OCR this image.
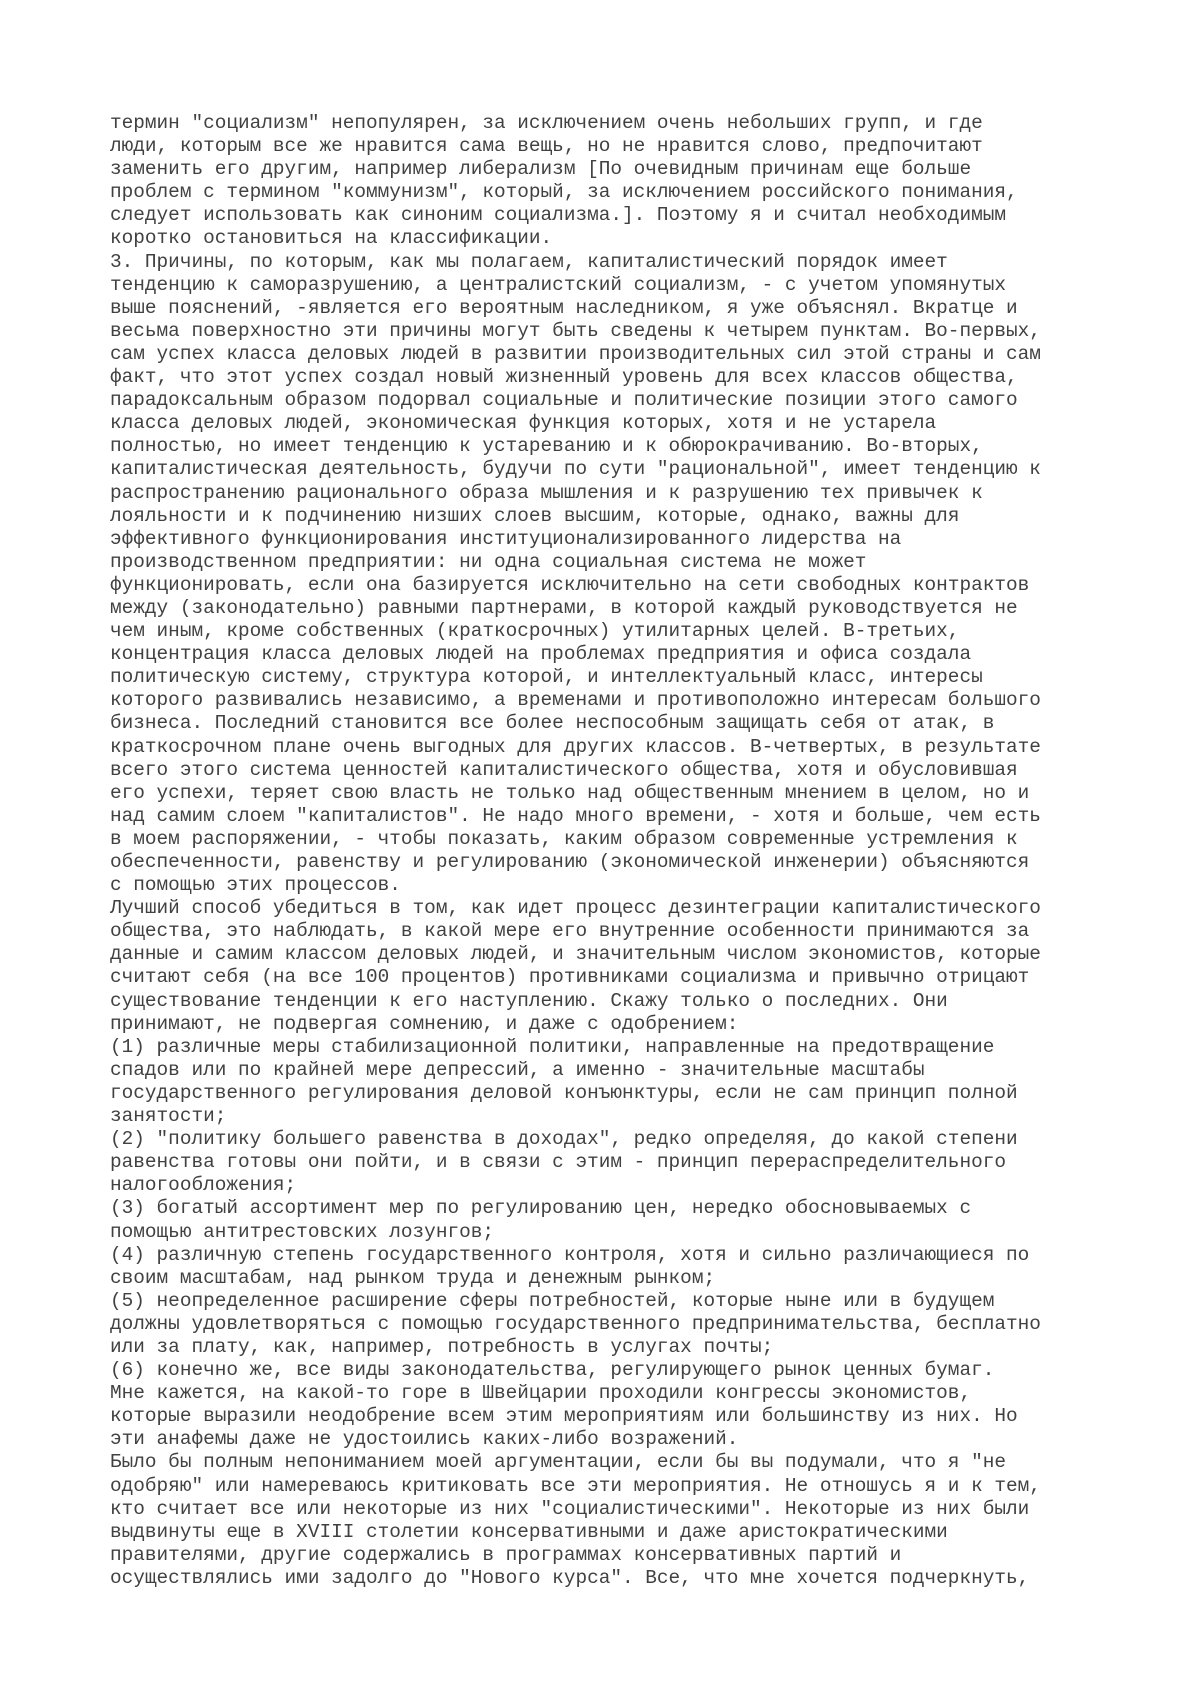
термин "социализм" непопулярен, за исключением очень небольших групп, и где
люди, которым все же нравится сама вещь, но не нравится слово, предпочитают
заменить его другим, например либерализм [По очевидным причинам еще больше
проблем с термином "коммунизм", который, за исключением российского понимания,
следует использовать как синоним социализма.]. Поэтому я и считал необходимым
коротко остановиться на классификации.
3. Причины, по которым, как мы полагаем, капиталистический порядок имеет
тенденцию к саморазрушению, а централистский социализм, - с учетом упомянутых
выше пояснений, -является его вероятным наследником, я уже объяснял. Вкратце и
весьма поверхностно эти причины могут быть сведены к четырем пунктам. Во-первых,
сам успех класса деловых людей в развитии производительных сил этой страны и сам
факт, что этот успех создал новый жизненный уровень для всех классов общества,
парадоксальным образом подорвал социальные и политические позиции этого самого
класса деловых людей, экономическая функция которых, хотя и не устарела
полностью, но имеет тенденцию к устареванию и к обюрокрачиванию. Во-вторых,
капиталистическая деятельность, будучи по сути "рациональной", имеет тенденцию к
распространению рационального образа мышления и к разрушению тех привычек к
лояльности и к подчинению низших слоев высшим, которые, однако, важны для
эффективного функционирования институционализированного лидерства на
производственном предприятии: ни одна социальная система не может
функционировать, если она базируется исключительно на сети свободных контрактов
между (законодательно) равными партнерами, в которой каждый руководствуется не
чем иным, кроме собственных (краткосрочных) утилитарных целей. В-третьих,
концентрация класса деловых людей на проблемах предприятия и офиса создала
политическую систему, структура которой, и интеллектуальный класс, интересы
которого развивались независимо, а временами и противоположно интересам большого
бизнеса. Последний становится все более неспособным защищать себя от атак, в
краткосрочном плане очень выгодных для других классов. В-четвертых, в результате
всего этого система ценностей капиталистического общества, хотя и обусловившая
его успехи, теряет свою власть не только над общественным мнением в целом, но и
над самим слоем "капиталистов". Не надо много времени, - хотя и больше, чем есть
в моем распоряжении, - чтобы показать, каким образом современные устремления к
обеспеченности, равенству и регулированию (экономической инженерии) объясняются
с помощью этих процессов.
Лучший способ убедиться в том, как идет процесс дезинтеграции капиталистического
общества, это наблюдать, в какой мере его внутренние особенности принимаются за
данные и самим классом деловых людей, и значительным числом экономистов, которые
считают себя (на все 100 процентов) противниками социализма и привычно отрицают
существование тенденции к его наступлению. Скажу только о последних. Они
принимают, не подвергая сомнению, и даже с одобрением:
(1) различные меры стабилизационной политики, направленные на предотвращение
спадов или по крайней мере депрессий, а именно - значительные масштабы
государственного регулирования деловой конъюнктуры, если не сам принцип полной
занятости;
(2) "политику большего равенства в доходах", редко определяя, до какой степени
равенства готовы они пойти, и в связи с этим - принцип перераспределительного
налогообложения;
(3) богатый ассортимент мер по регулированию цен, нередко обосновываемых с
помощью антитрестовских лозунгов;
(4) различную степень государственного контроля, хотя и сильно различающиеся по
своим масштабам, над рынком труда и денежным рынком;
(5) неопределенное расширение сферы потребностей, которые ныне или в будущем
должны удовлетворяться с помощью государственного предпринимательства, бесплатно
или за плату, как, например, потребность в услугах почты;
(6) конечно же, все виды законодательства, регулирующего рынок ценных бумаг.
Мне кажется, на какой-то горе в Швейцарии проходили конгрессы экономистов,
которые выразили неодобрение всем этим мероприятиям или большинству из них. Но
эти анафемы даже не удостоились каких-либо возражений.
Было бы полным непониманием моей аргументации, если бы вы подумали, что я "не
одобряю" или намереваюсь критиковать все эти мероприятия. Не отношусь я и к тем,
кто считает все или некоторые из них "социалистическими". Некоторые из них были
выдвинуты еще в XVIII столетии консервативными и даже аристократическими
правителями, другие содержались в программах консервативных партий и
осуществлялись ими задолго до "Нового курса". Все, что мне хочется подчеркнуть,
